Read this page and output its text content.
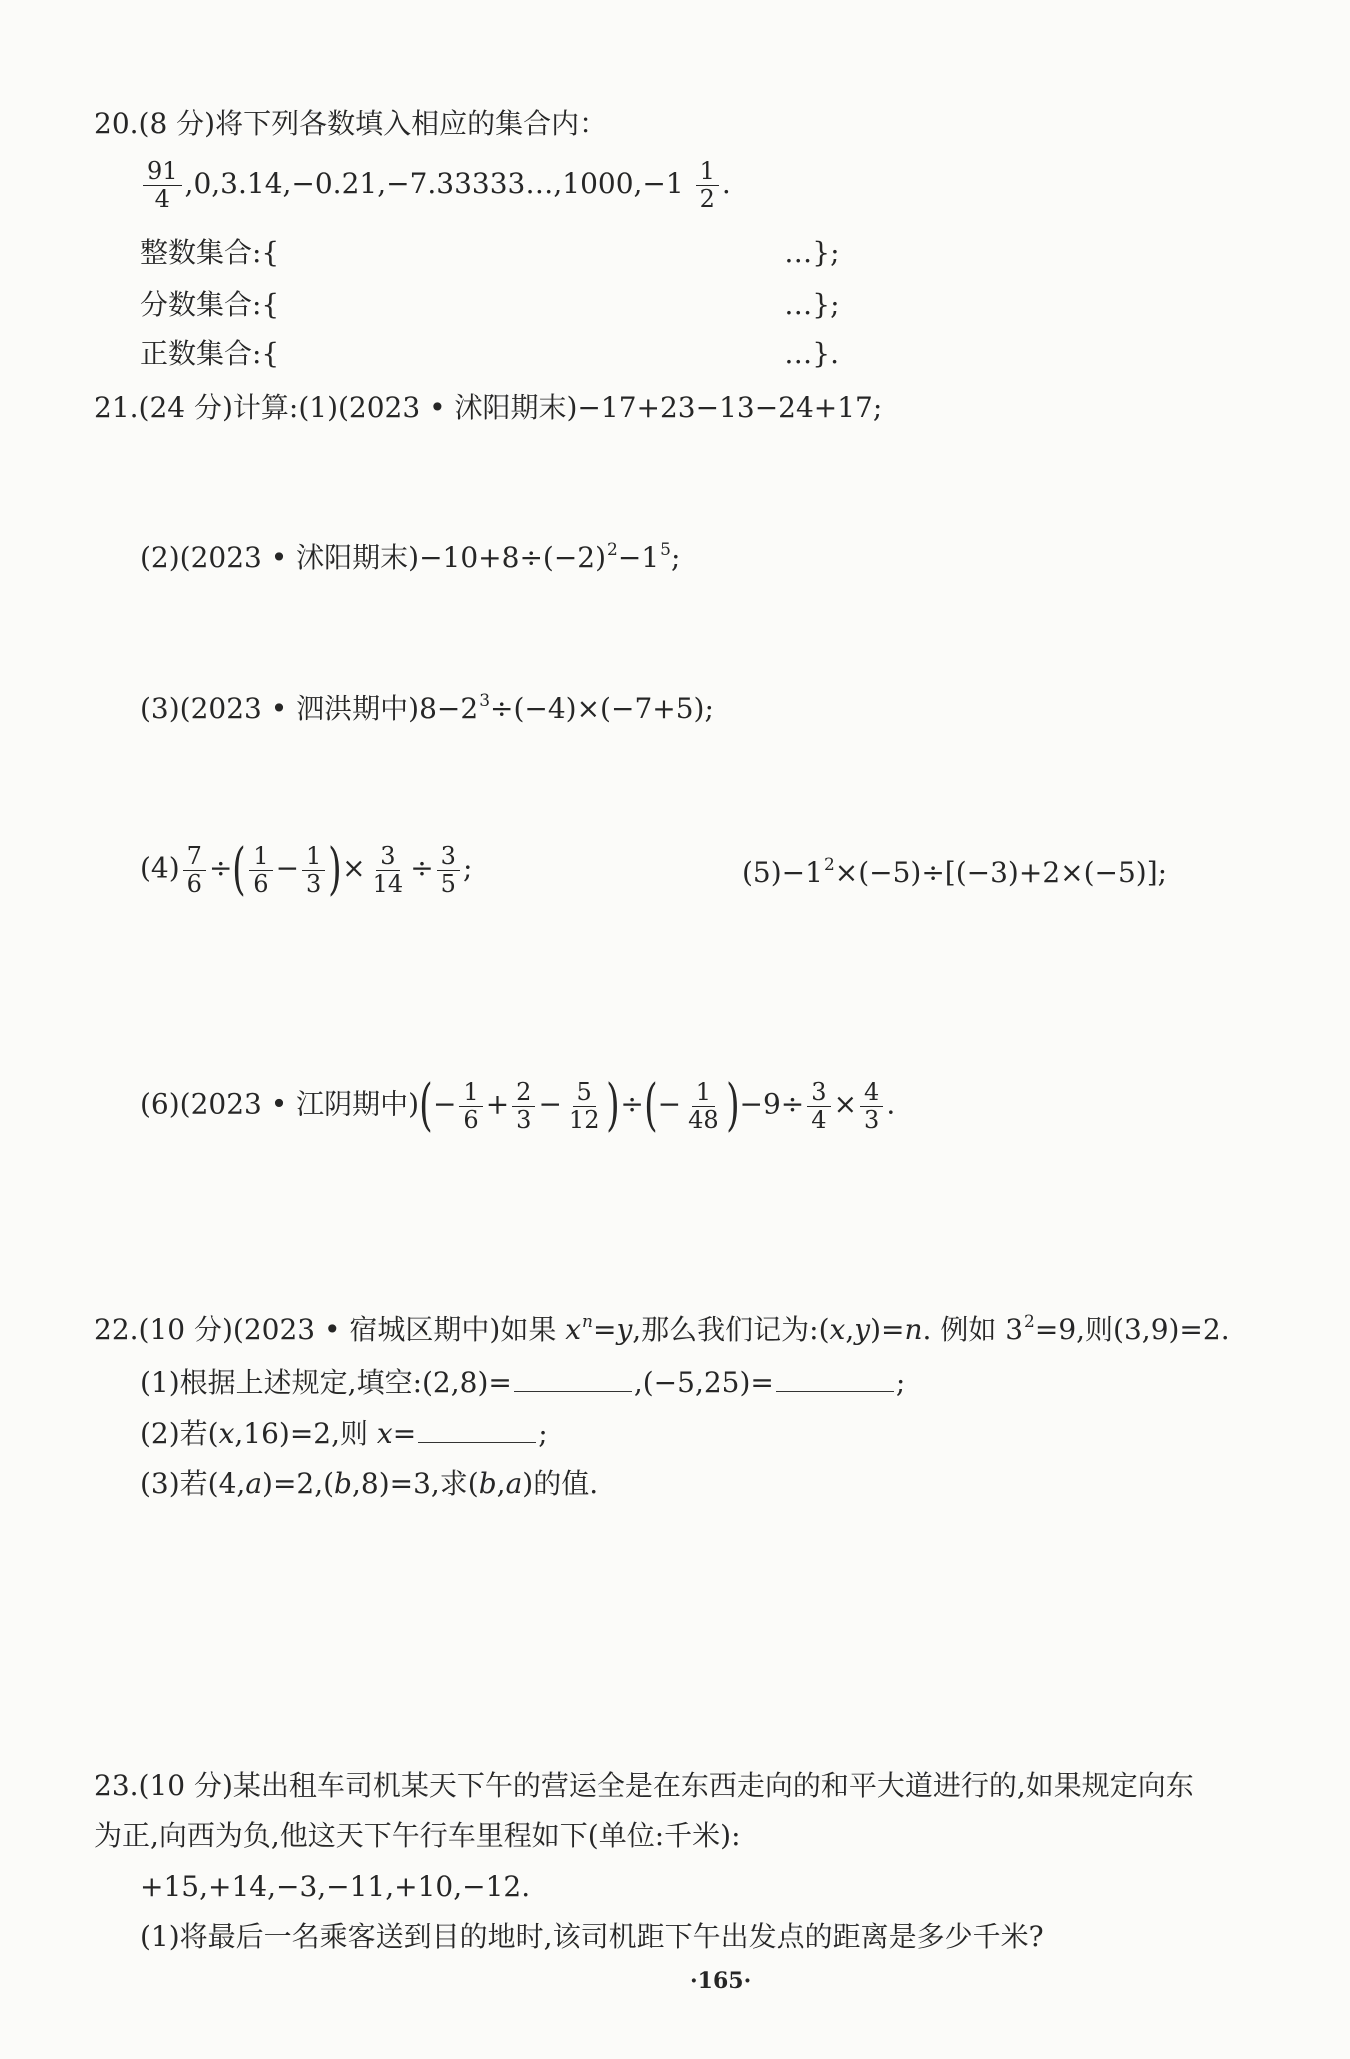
20.(8 分)将下列各数填入相应的集合内：
$\frac{91}{4}$ ,0,3.14,−0.21,−7.33333…,1000,−1 $\frac{1}{2}$ .
整数集合:{	…};
分数集合:{	…};
正数集合:{	…}.
21.(24 分)计算:(1)(2023 • 沭阳期末)−17+23−13−24+17;
(2)(2023 • 沭阳期末)$-10+8\div(-2)^2-1^5$;
(3)(2023 • 泗洪期中)$8-2^3\div(-4)\times(-7+5)$;
$(4) \frac{7}{6}$ ÷( $\frac{1}{6} - \frac{1}{3}$ )× $\frac{3}{14} \div \frac{3}{5}$ ;	$(5)-1^2\times(-5)\div[(-3)+2\times(-5)]$;
(6)(2023 • 江阴期中)(− $\frac{1}{6} + \frac{2}{3} - \frac{5}{12}$ )÷(− $\frac{1}{48} )-9\div \frac{3}{4} \times \frac{4}{3}$ .
22.(10 分)(2023 • 宿城区期中)如果 $x^n=y$,那么我们记为:(x,y)=n. 例如 $3^2=9$,则(3,9)=2.
(1)根据上述规定,填空:(2,8)=	,(−5,25)=	;
(2)若(x,16)=2,则 x=	;
(3)若(4,a)=2,(b,8)=3,求(b,a)的值.
23.(10 分)某出租车司机某天下午的营运全是在东西走向的和平大道进行的,如果规定向东
为正,向西为负,他这天下午行车里程如下(单位:千米):
+15,+14,−3,−11,+10,−12.
(1)将最后一名乘客送到目的地时,该司机距下午出发点的距离是多少千米?
·165·
